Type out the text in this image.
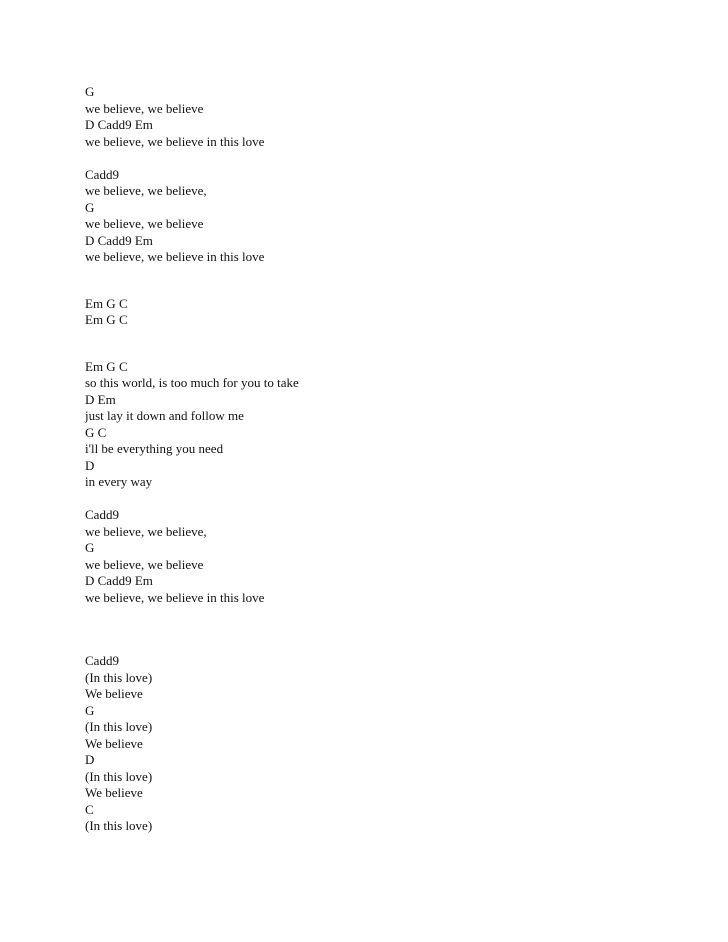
G
we believe, we believe
D Cadd9 Em
we believe, we believe in this love
Cadd9
we believe, we believe,
G
we believe, we believe
D Cadd9 Em
we believe, we believe in this love
Em G C
Em G C
Em G C
so this world, is too much for you to take
D Em
just lay it down and follow me
G C
i'll be everything you need
D
in every way
Cadd9
we believe, we believe,
G
we believe, we believe
D Cadd9 Em
we believe, we believe in this love
Cadd9
(In this love)
We believe
G
(In this love)
We believe
D
(In this love)
We believe
C
(In this love)
